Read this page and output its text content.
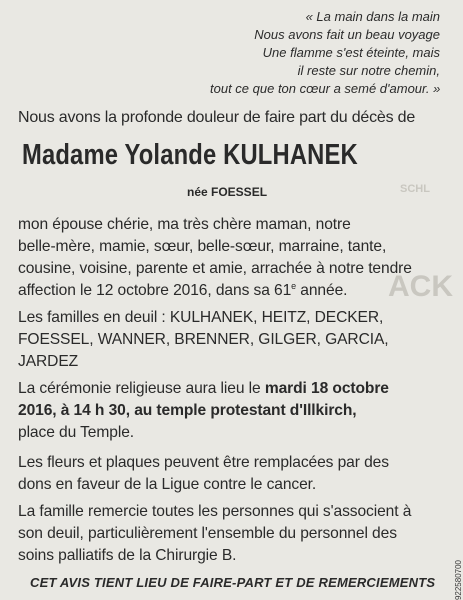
ACK
SCHL
« La main dans la main
Nous avons fait un beau voyage
Une flamme s'est éteinte, mais
il reste sur notre chemin,
tout ce que ton cœur a semé d'amour. »
Nous avons la profonde douleur de faire part du décès de
Madame Yolande KULHANEK
née FOESSEL
mon épouse chérie, ma très chère maman, notre
belle-mère, mamie, sœur, belle-sœur, marraine, tante,
cousine, voisine, parente et amie, arrachée à notre tendre
affection le 12 octobre 2016, dans sa 61e année.
Les familles en deuil : KULHANEK, HEITZ, DECKER,
FOESSEL, WANNER, BRENNER, GILGER, GARCIA,
JARDEZ
La cérémonie religieuse aura lieu le mardi 18 octobre
2016, à 14 h 30, au temple protestant d'Illkirch,
place du Temple.
Les fleurs et plaques peuvent être remplacées par des
dons en faveur de la Ligue contre le cancer.
La famille remercie toutes les personnes qui s'associent à
son deuil, particulièrement l'ensemble du personnel des
soins palliatifs de la Chirurgie B.
CET AVIS TIENT LIEU DE FAIRE-PART ET DE REMERCIEMENTS 922580700
